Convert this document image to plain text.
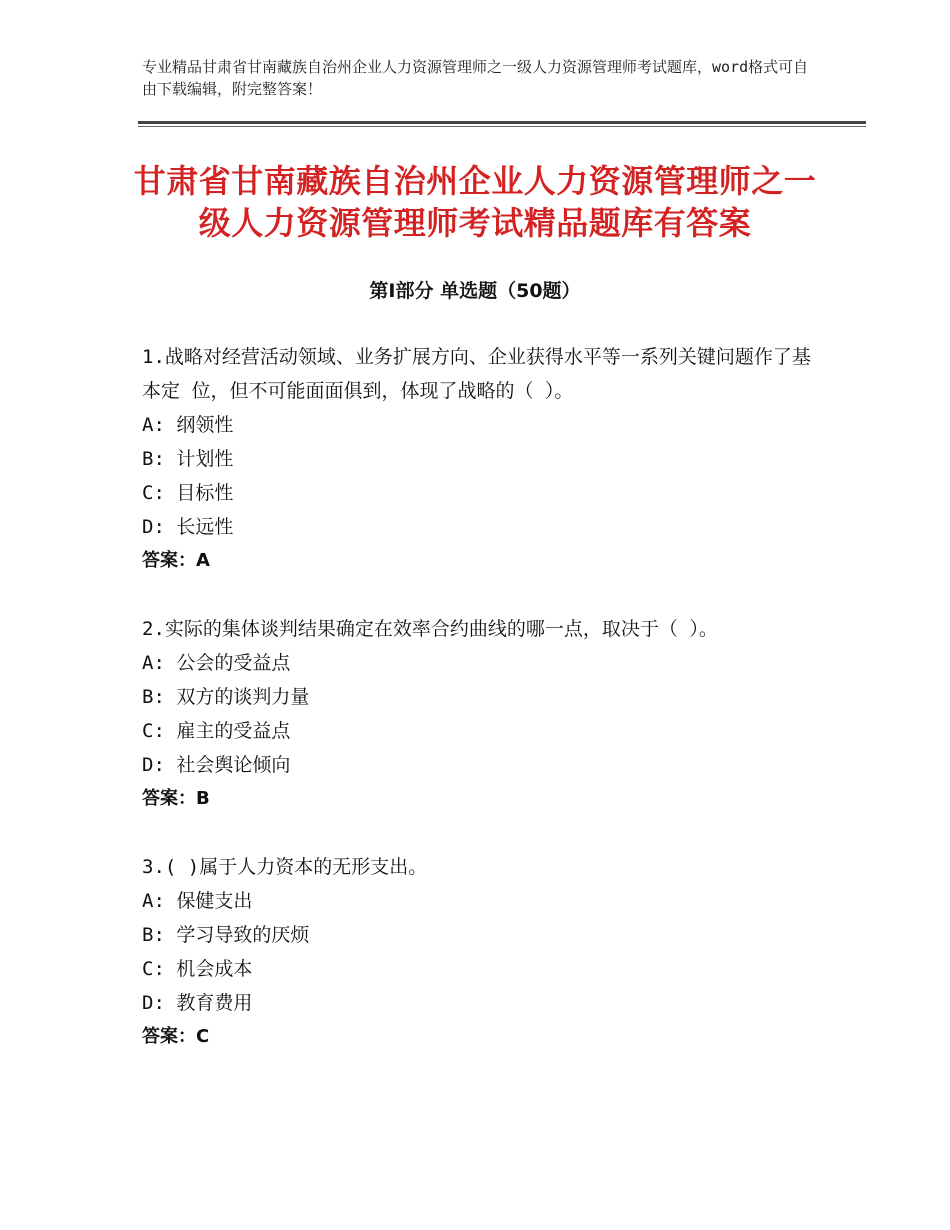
专业精品甘肃省甘南藏族自治州企业人力资源管理师之一级人力资源管理师考试题库，word格式可自由下载编辑，附完整答案！
甘肃省甘南藏族自治州企业人力资源管理师之一级人力资源管理师考试精品题库有答案
第Ⅰ部分 单选题（50题）

1.战略对经营活动领域、业务扩展方向、企业获得水平等一系列关键问题作了基本定 位，但不可能面面俱到，体现了战略的（ ）。

A: 纲领性

B: 计划性

C: 目标性

D: 长远性

答案：A

2.实际的集体谈判结果确定在效率合约曲线的哪一点，取决于（ ）。

A: 公会的受益点

B: 双方的谈判力量

C: 雇主的受益点

D: 社会舆论倾向

答案：B

3.( )属于人力资本的无形支出。

A: 保健支出

B: 学习导致的厌烦

C: 机会成本

D: 教育费用

答案：C
